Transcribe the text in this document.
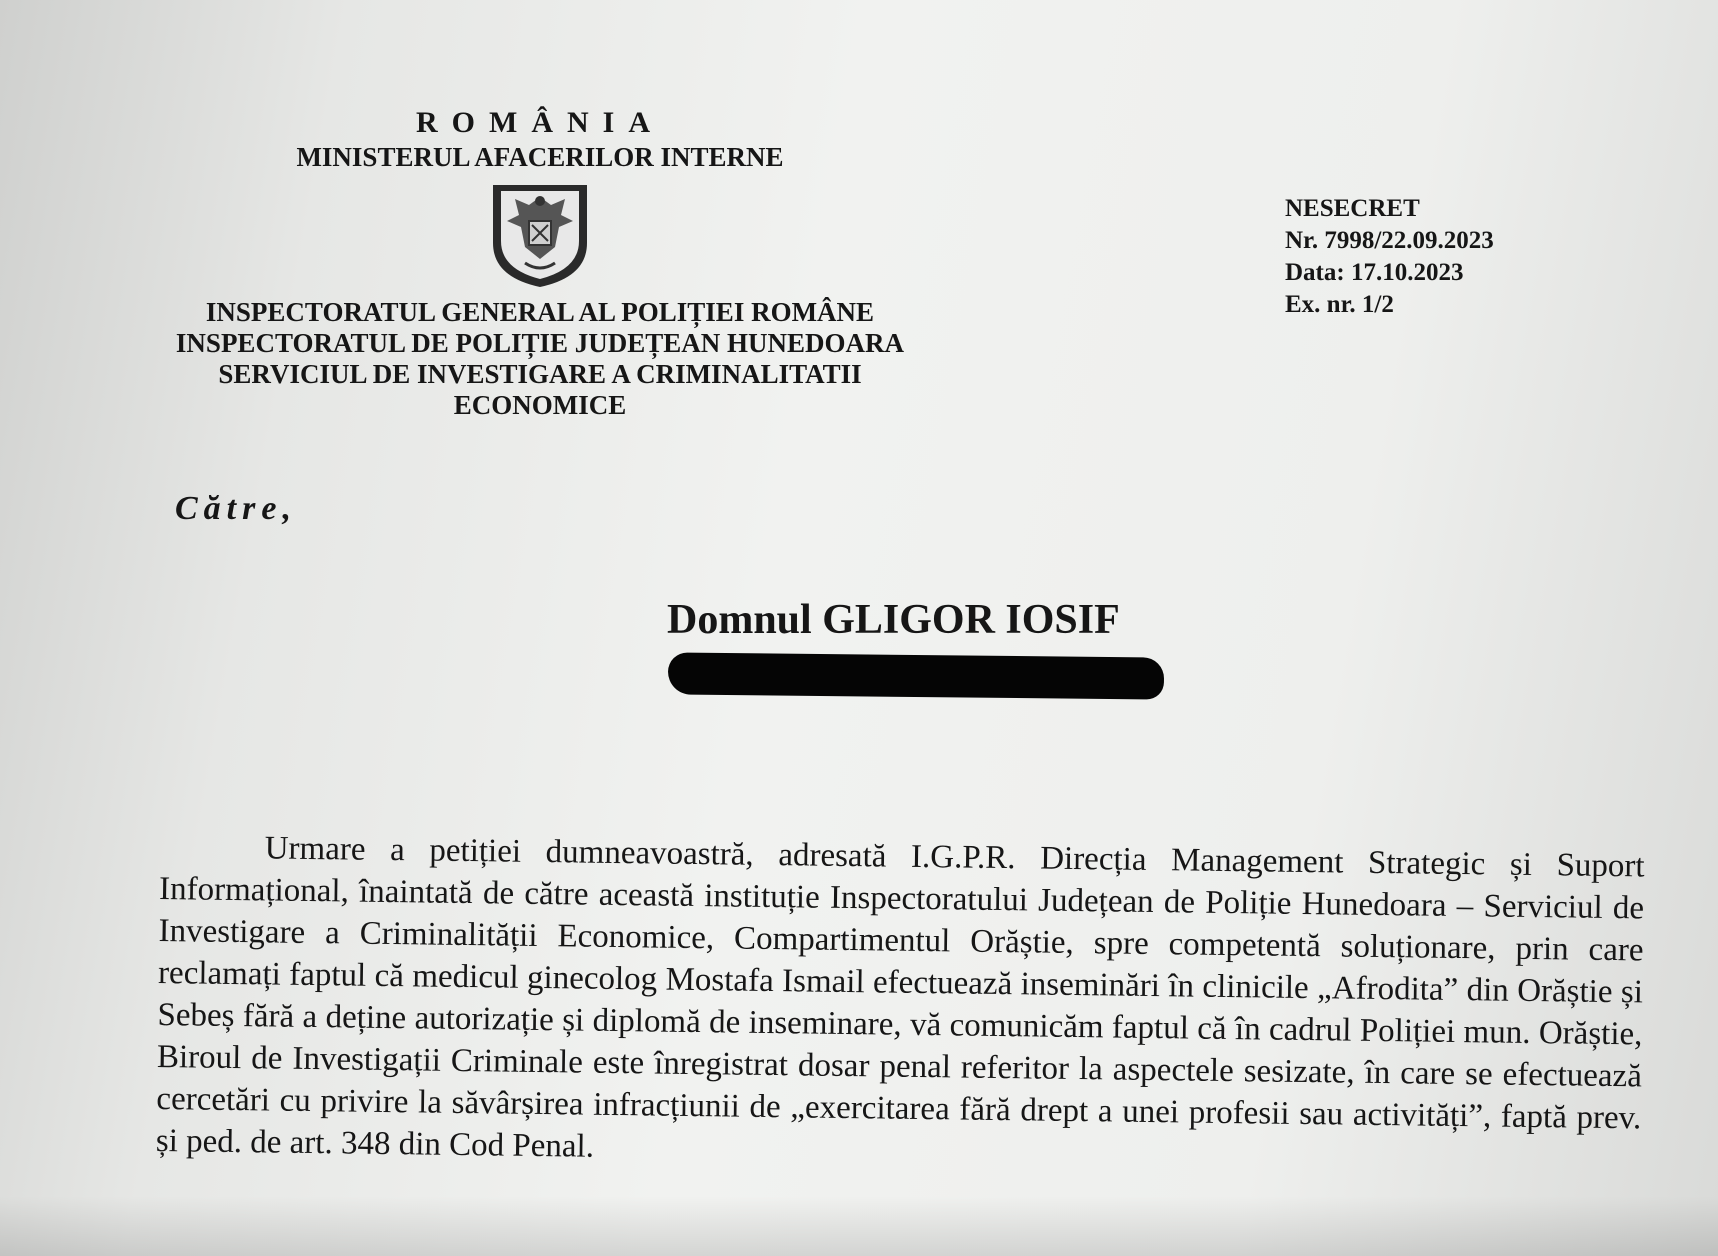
ROMÂNIA
MINISTERUL AFACERILOR INTERNE
INSPECTORATUL GENERAL AL POLIȚIEI ROMÂNE
INSPECTORATUL DE POLIȚIE JUDEȚEAN HUNEDOARA
SERVICIUL DE INVESTIGARE A CRIMINALITATII
ECONOMICE
NESECRET
Nr. 7998/22.09.2023
Data: 17.10.2023
Ex. nr. 1/2
Către,
Domnul GLIGOR IOSIF
Urmare a petiției dumneavoastră, adresată I.G.P.R. Direcția Management Strategic și Suport Informațional, înaintată de către această instituție Inspectoratului Județean de Poliție Hunedoara – Serviciul de Investigare a Criminalității Economice, Compartimentul Orăștie, spre competentă soluționare, prin care reclamați faptul că medicul ginecolog Mostafa Ismail efectuează inseminări în clinicile „Afrodita” din Orăștie și Sebeș fără a deține autorizație și diplomă de inseminare, vă comunicăm faptul că în cadrul Poliției mun. Orăștie, Biroul de Investigații Criminale este înregistrat dosar penal referitor la aspectele sesizate, în care se efectuează cercetări cu privire la săvârșirea infracțiunii de „exercitarea fără drept a unei profesii sau activități”, faptă prev. și ped. de art. 348 din Cod Penal.
